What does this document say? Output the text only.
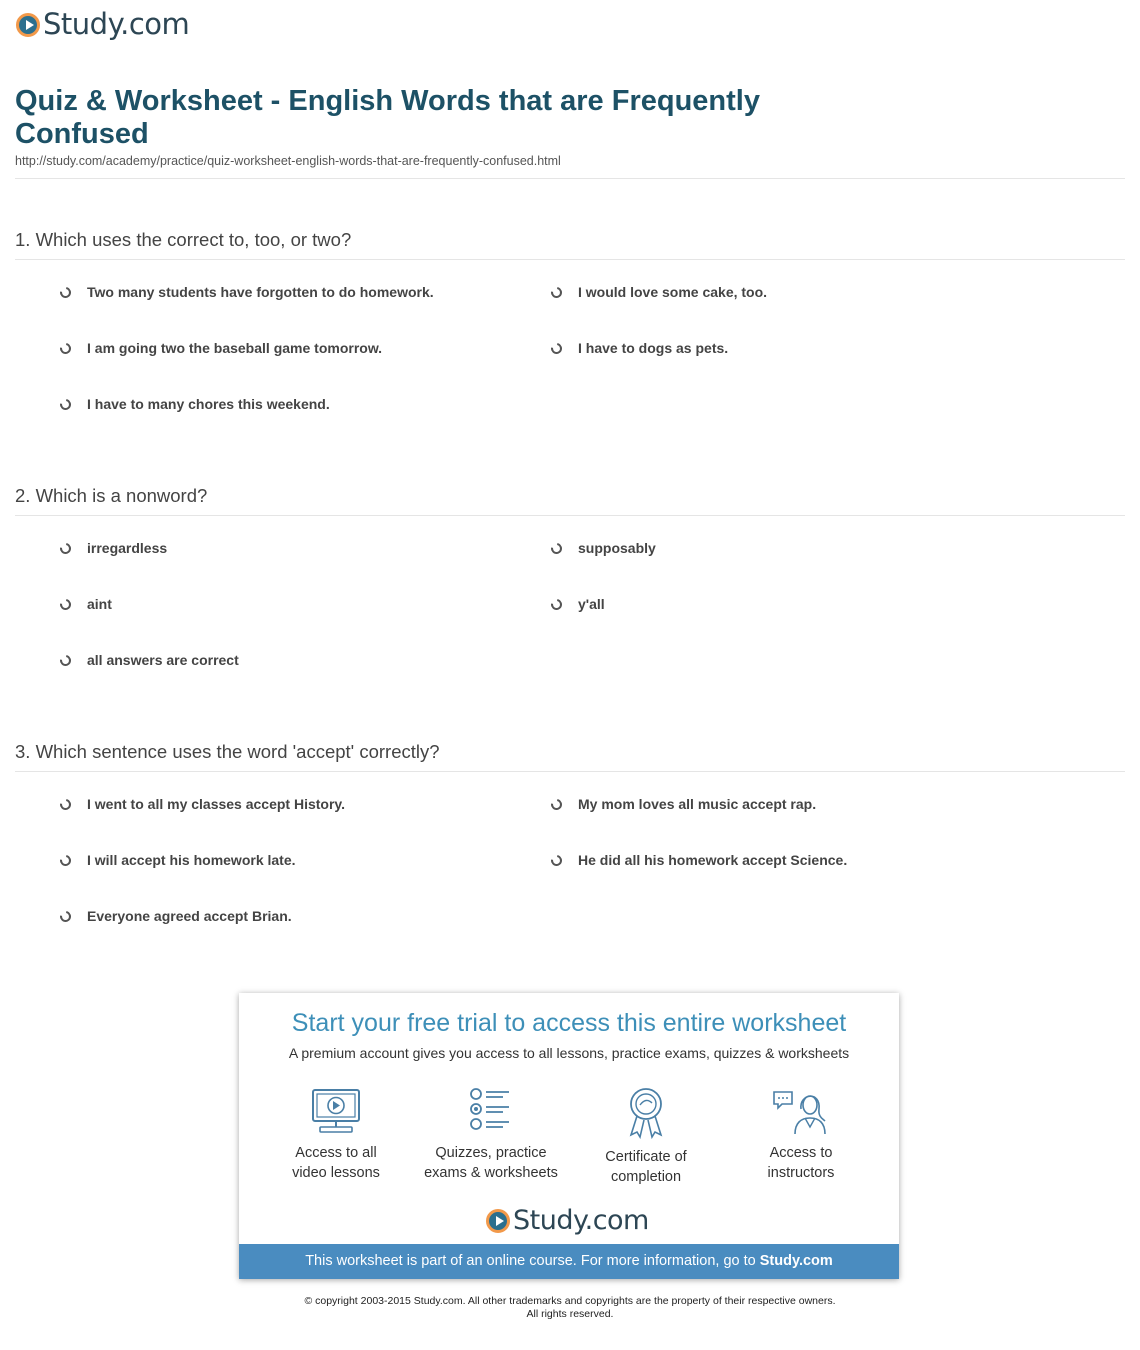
Study.com
Quiz & Worksheet - English Words that are Frequently Confused
http://study.com/academy/practice/quiz-worksheet-english-words-that-are-frequently-confused.html
1. Which uses the correct to, too, or two?
Two many students have forgotten to do homework.	I would love some cake, too.
I am going two the baseball game tomorrow.	I have to dogs as pets.
I have to many chores this weekend.
2. Which is a nonword?
irregardless	supposably
aint	y'all
all answers are correct
3. Which sentence uses the word 'accept' correctly?
I went to all my classes accept History.	My mom loves all music accept rap.
I will accept his homework late.	He did all his homework accept Science.
Everyone agreed accept Brian.
Start your free trial to access this entire worksheet
A premium account gives you access to all lessons, practice exams, quizzes & worksheets
Access to all
video lessons
Quizzes, practice
exams & worksheets
Certificate of
completion
Access to
instructors
Study.com
This worksheet is part of an online course. For more information, go to Study.com
© copyright 2003-2015 Study.com. All other trademarks and copyrights are the property of their respective owners.
All rights reserved.
